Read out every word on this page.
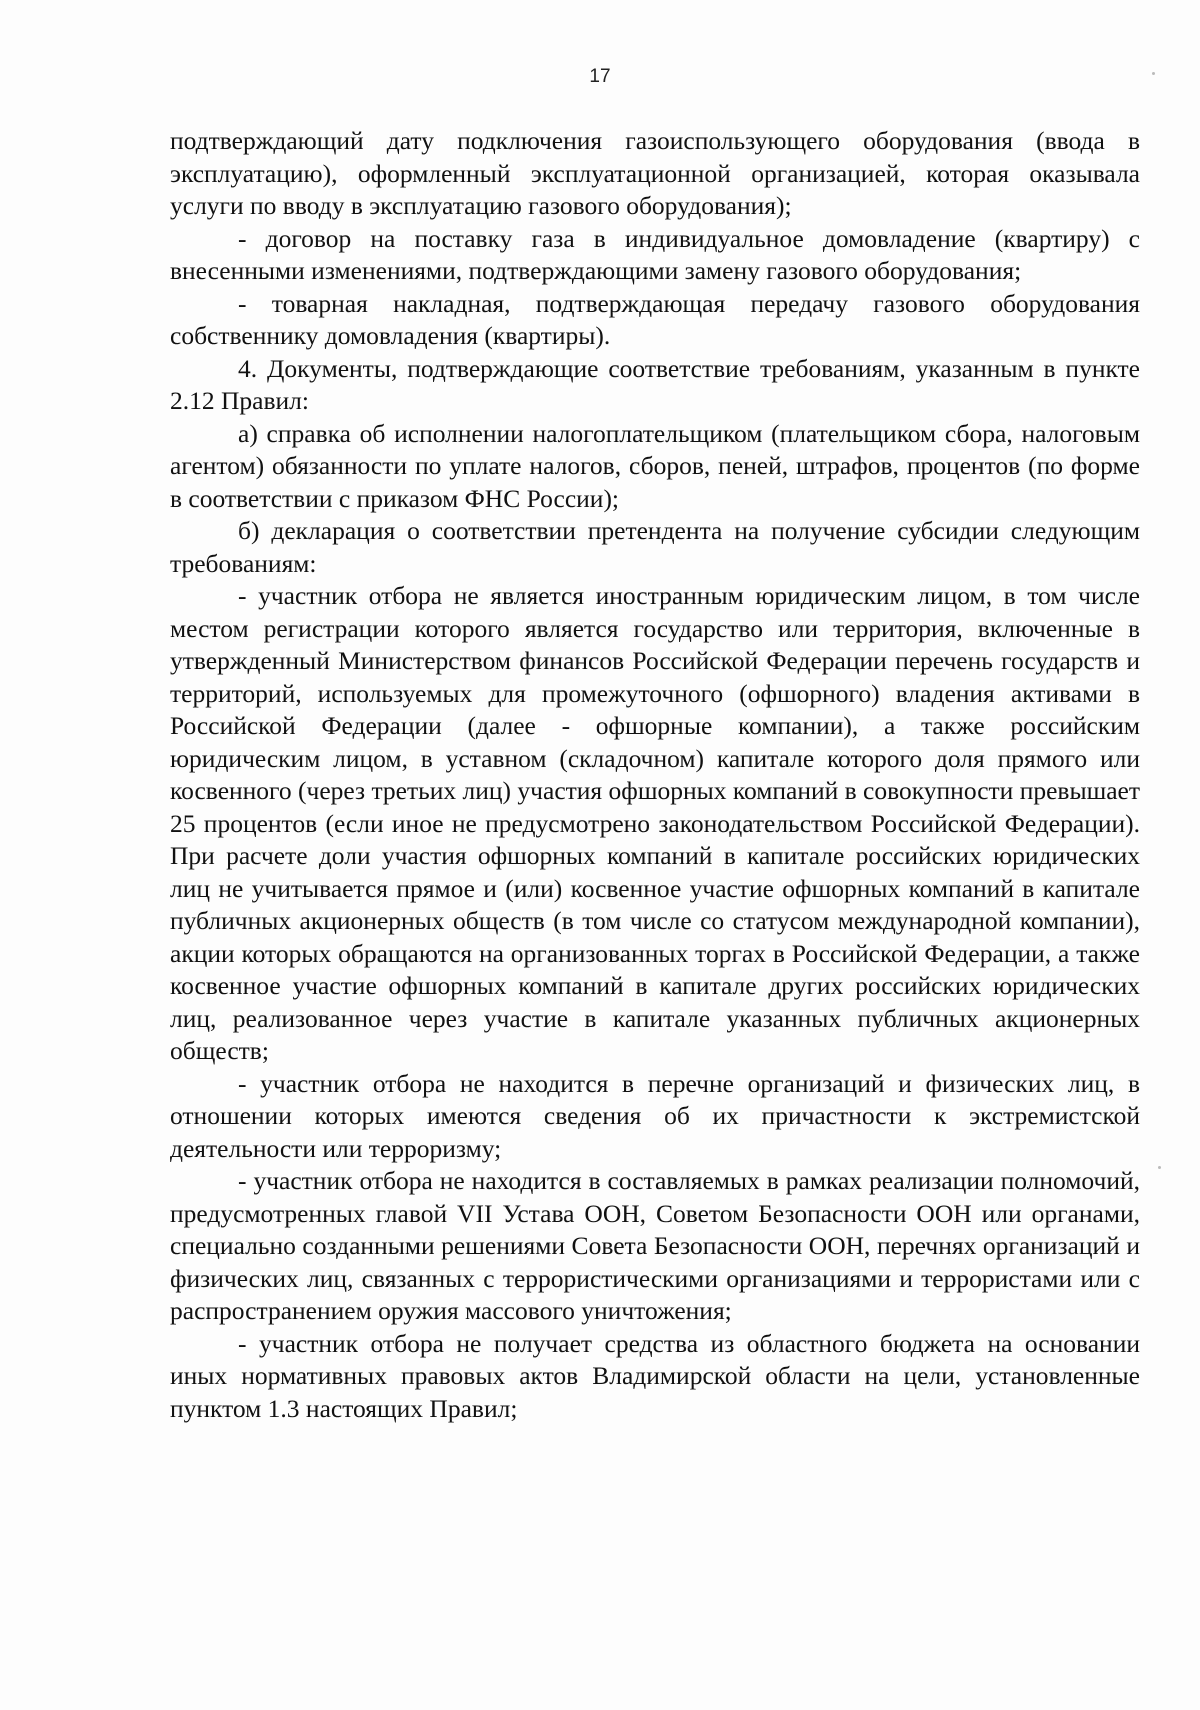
17

подтверждающий дату подключения газоиспользующего оборудования (ввода в эксплуатацию), оформленный эксплуатационной организацией, которая оказывала услуги по вводу в эксплуатацию газового оборудования);

- договор на поставку газа в индивидуальное домовладение (квартиру) с внесенными изменениями, подтверждающими замену газового оборудования;

- товарная накладная, подтверждающая передачу газового оборудования собственнику домовладения (квартиры).

4. Документы, подтверждающие соответствие требованиям, указанным в пункте 2.12 Правил:

а) справка об исполнении налогоплательщиком (плательщиком сбора, налоговым агентом) обязанности по уплате налогов, сборов, пеней, штрафов, процентов (по форме в соответствии с приказом ФНС России);

б) декларация о соответствии претендента на получение субсидии следующим требованиям:

- участник отбора не является иностранным юридическим лицом, в том числе местом регистрации которого является государство или территория, включенные в утвержденный Министерством финансов Российской Федерации перечень государств и территорий, используемых для промежуточного (офшорного) владения активами в Российской Федерации (далее - офшорные компании), а также российским юридическим лицом, в уставном (складочном) капитале которого доля прямого или косвенного (через третьих лиц) участия офшорных компаний в совокупности превышает 25 процентов (если иное не предусмотрено законодательством Российской Федерации). При расчете доли участия офшорных компаний в капитале российских юридических лиц не учитывается прямое и (или) косвенное участие офшорных компаний в капитале публичных акционерных обществ (в том числе со статусом международной компании), акции которых обращаются на организованных торгах в Российской Федерации, а также косвенное участие офшорных компаний в капитале других российских юридических лиц, реализованное через участие в капитале указанных публичных акционерных обществ;

- участник отбора не находится в перечне организаций и физических лиц, в отношении которых имеются сведения об их причастности к экстремистской деятельности или терроризму;

- участник отбора не находится в составляемых в рамках реализации полномочий, предусмотренных главой VII Устава ООН, Советом Безопасности ООН или органами, специально созданными решениями Совета Безопасности ООН, перечнях организаций и физических лиц, связанных с террористическими организациями и террористами или с распространением оружия массового уничтожения;

- участник отбора не получает средства из областного бюджета на основании иных нормативных правовых актов Владимирской области на цели, установленные пунктом 1.3 настоящих Правил;
